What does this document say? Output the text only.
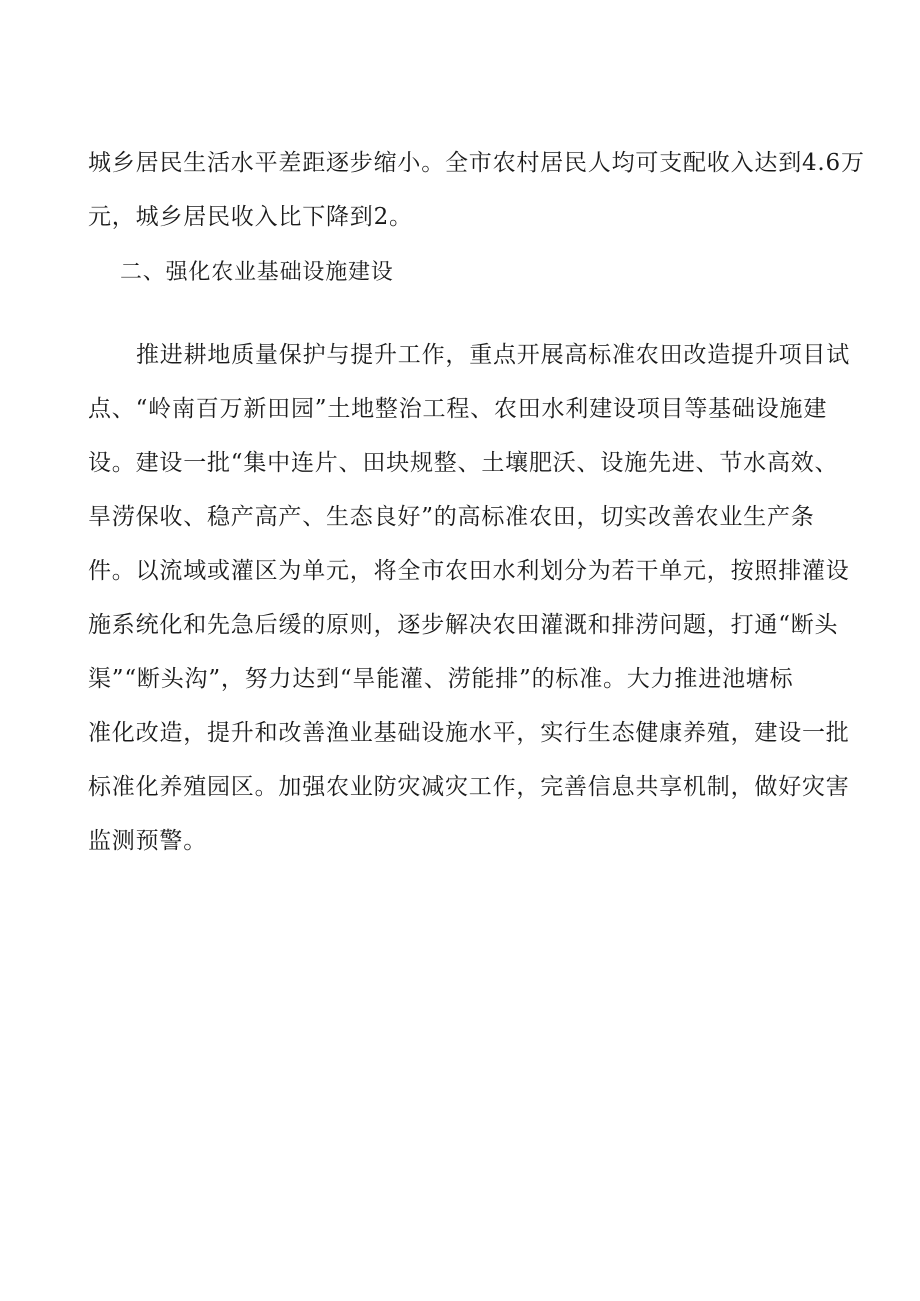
城乡居民生活水平差距逐步缩小。全市农村居民人均可支配收入达到4.6万
元，城乡居民收入比下降到2。
二、强化农业基础设施建设
推进耕地质量保护与提升工作，重点开展高标准农田改造提升项目试
点、“岭南百万新田园”土地整治工程、农田水利建设项目等基础设施建
设。建设一批“集中连片、田块规整、土壤肥沃、设施先进、节水高效、
旱涝保收、稳产高产、生态良好”的高标准农田，切实改善农业生产条
件。以流域或灌区为单元，将全市农田水利划分为若干单元，按照排灌设
施系统化和先急后缓的原则，逐步解决农田灌溉和排涝问题，打通“断头
渠”“断头沟”，努力达到“旱能灌、涝能排”的标准。大力推进池塘标
准化改造，提升和改善渔业基础设施水平，实行生态健康养殖，建设一批
标准化养殖园区。加强农业防灾减灾工作，完善信息共享机制，做好灾害
监测预警。
